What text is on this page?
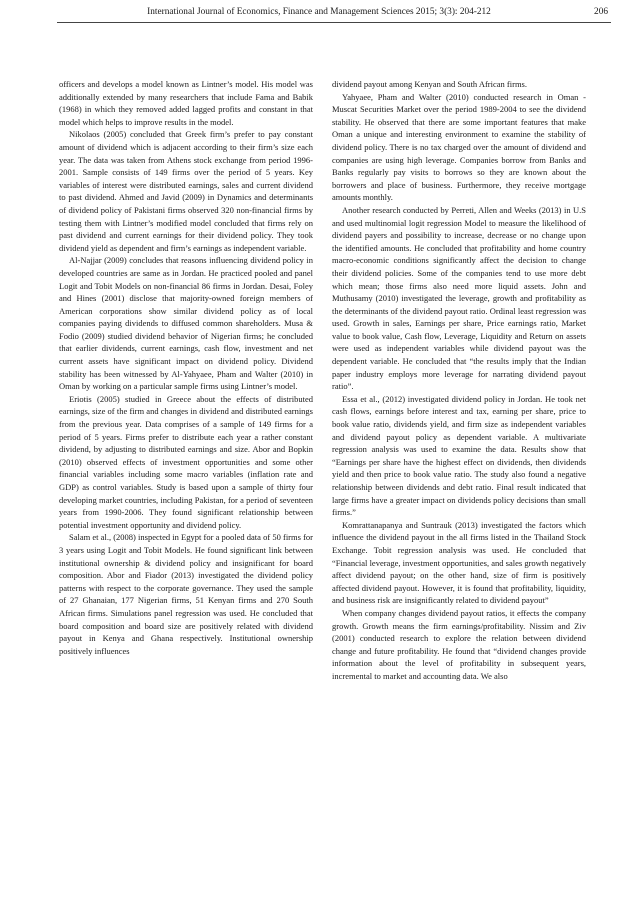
International Journal of Economics, Finance and Management Sciences 2015; 3(3): 204-212	206

officers and develops a model known as Lintner’s model. His model was additionally extended by many researchers that include Fama and Babik (1968) in which they removed added lagged profits and constant in that model which helps to improve results in the model.

Nikolaos (2005) concluded that Greek firm’s prefer to pay constant amount of dividend which is adjacent according to their firm’s size each year. The data was taken from Athens stock exchange from period 1996-2001. Sample consists of 149 firms over the period of 5 years. Key variables of interest were distributed earnings, sales and current dividend to past dividend. Ahmed and Javid (2009) in Dynamics and determinants of dividend policy of Pakistani firms observed 320 non-financial firms by testing them with Lintner’s modified model concluded that firms rely on past dividend and current earnings for their dividend policy. They took dividend yield as dependent and firm’s earnings as independent variable.

Al-Najjar (2009) concludes that reasons influencing dividend policy in developed countries are same as in Jordan. He practiced pooled and panel Logit and Tobit Models on non-financial 86 firms in Jordan. Desai, Foley and Hines (2001) disclose that majority-owned foreign members of American corporations show similar dividend policy as of local companies paying dividends to diffused common shareholders. Musa & Fodio (2009) studied dividend behavior of Nigerian firms; he concluded that earlier dividends, current earnings, cash flow, investment and net current assets have significant impact on dividend policy. Dividend stability has been witnessed by Al-Yahyaee, Pham and Walter (2010) in Oman by working on a particular sample firms using Lintner’s model.

Eriotis (2005) studied in Greece about the effects of distributed earnings, size of the firm and changes in dividend and distributed earnings from the previous year. Data comprises of a sample of 149 firms for a period of 5 years. Firms prefer to distribute each year a rather constant dividend, by adjusting to distributed earnings and size. Abor and Bopkin (2010) observed effects of investment opportunities and some other financial variables including some macro variables (inflation rate and GDP) as control variables. Study is based upon a sample of thirty four developing market countries, including Pakistan, for a period of seventeen years from 1990-2006. They found significant relationship between potential investment opportunity and dividend policy.

Salam et al., (2008) inspected in Egypt for a pooled data of 50 firms for 3 years using Logit and Tobit Models. He found significant link between institutional ownership & dividend policy and insignificant for board composition. Abor and Fiador (2013) investigated the dividend policy patterns with respect to the corporate governance. They used the sample of 27 Ghanaian, 177 Nigerian firms, 51 Kenyan firms and 270 South African firms. Simulations panel regression was used. He concluded that board composition and board size are positively related with dividend payout in Kenya and Ghana respectively. Institutional ownership positively influences

dividend payout among Kenyan and South African firms.

Yahyaee, Pham and Walter (2010) conducted research in Oman - Muscat Securities Market over the period 1989-2004 to see the dividend stability. He observed that there are some important features that make Oman a unique and interesting environment to examine the stability of dividend policy. There is no tax charged over the amount of dividend and companies are using high leverage. Companies borrow from Banks and Banks regularly pay visits to borrows so they are known about the borrowers and place of business. Furthermore, they receive mortgage amounts monthly.

Another research conducted by Perreti, Allen and Weeks (2013) in U.S and used multinomial logit regression Model to measure the likelihood of dividend payers and possibility to increase, decrease or no change upon the identified amounts. He concluded that profitability and home country macro-economic conditions significantly affect the decision to change their dividend policies. Some of the companies tend to use more debt which mean; those firms also need more liquid assets. John and Muthusamy (2010) investigated the leverage, growth and profitability as the determinants of the dividend payout ratio. Ordinal least regression was used. Growth in sales, Earnings per share, Price earnings ratio, Market value to book value, Cash flow, Leverage, Liquidity and Return on assets were used as independent variables while dividend payout was the dependent variable. He concluded that “the results imply that the Indian paper industry employs more leverage for narrating dividend payout ratio”.

Essa et al., (2012) investigated dividend policy in Jordan. He took net cash flows, earnings before interest and tax, earning per share, price to book value ratio, dividends yield, and firm size as independent variables and dividend payout policy as dependent variable. A multivariate regression analysis was used to examine the data. Results show that “Earnings per share have the highest effect on dividends, then dividends yield and then price to book value ratio. The study also found a negative relationship between dividends and debt ratio. Final result indicated that large firms have a greater impact on dividends policy decisions than small firms.”

Komrattanapanya and Suntrauk (2013) investigated the factors which influence the dividend payout in the all firms listed in the Thailand Stock Exchange. Tobit regression analysis was used. He concluded that “Financial leverage, investment opportunities, and sales growth negatively affect dividend payout; on the other hand, size of firm is positively affected dividend payout. However, it is found that profitability, liquidity, and business risk are insignificantly related to dividend payout”

When company changes dividend payout ratios, it effects the company growth. Growth means the firm earnings/profitability. Nissim and Ziv (2001) conducted research to explore the relation between dividend change and future profitability. He found that “dividend changes provide information about the level of profitability in subsequent years, incremental to market and accounting data. We also
